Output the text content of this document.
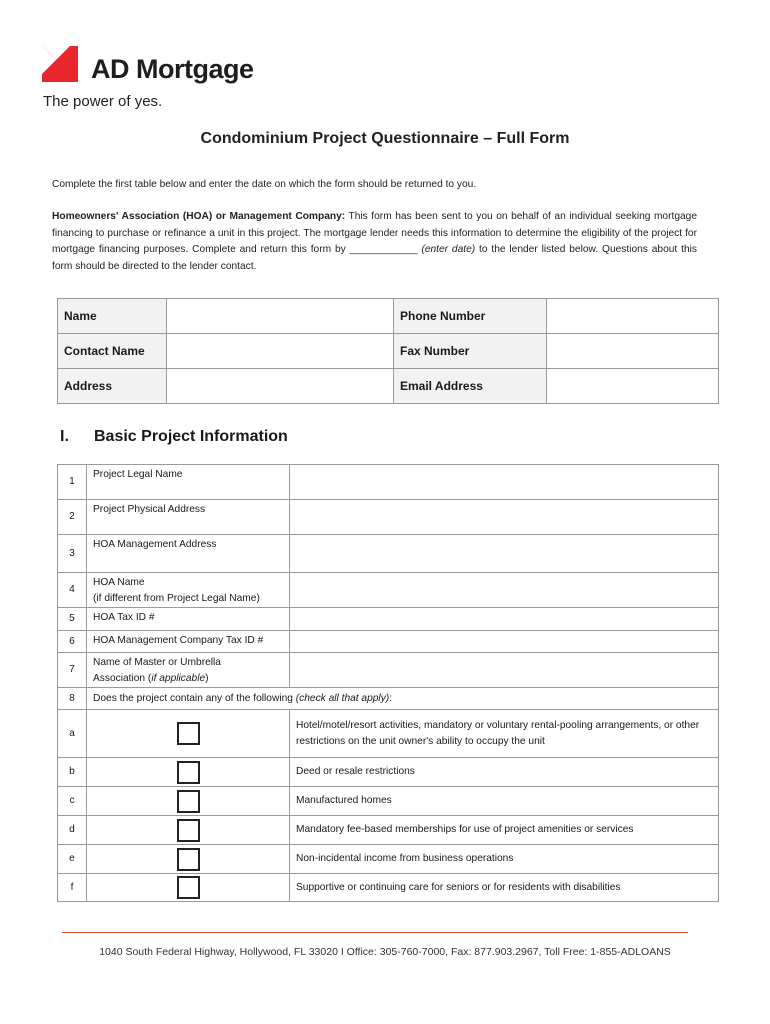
AD Mortgage
The power of yes.
Condominium Project Questionnaire – Full Form
Complete the first table below and enter the date on which the form should be returned to you.
Homeowners' Association (HOA) or Management Company: This form has been sent to you on behalf of an individual seeking mortgage financing to purchase or refinance a unit in this project. The mortgage lender needs this information to determine the eligibility of the project for mortgage financing purposes. Complete and return this form by ____________ (enter date) to the lender listed below. Questions about this form should be directed to the lender contact.
Name		Phone Number	
Contact Name		Fax Number	
Address		Email Address	
I. Basic Project Information
1	Project Legal Name	
2	Project Physical Address	
3	HOA Management Address	
4	HOA Name
(if different from Project Legal Name)	

5	HOA Tax ID #	
6	HOA Management Company Tax ID #	
7	Name of Master or Umbrella
Association (if applicable)	

8	Does the project contain any of the following (check all that apply):	
a		Hotel/motel/resort activities, mandatory or voluntary rental-pooling arrangements, or other restrictions on the unit owner's ability to occupy the unit
b		Deed or resale restrictions
c		Manufactured homes
d		Mandatory fee-based memberships for use of project amenities or services
e		Non-incidental income from business operations
f		Supportive or continuing care for seniors or for residents with disabilities
1040 South Federal Highway, Hollywood, FL 33020 I Office: 305-760-7000, Fax: 877.903.2967, Toll Free: 1-855-ADLOANS
